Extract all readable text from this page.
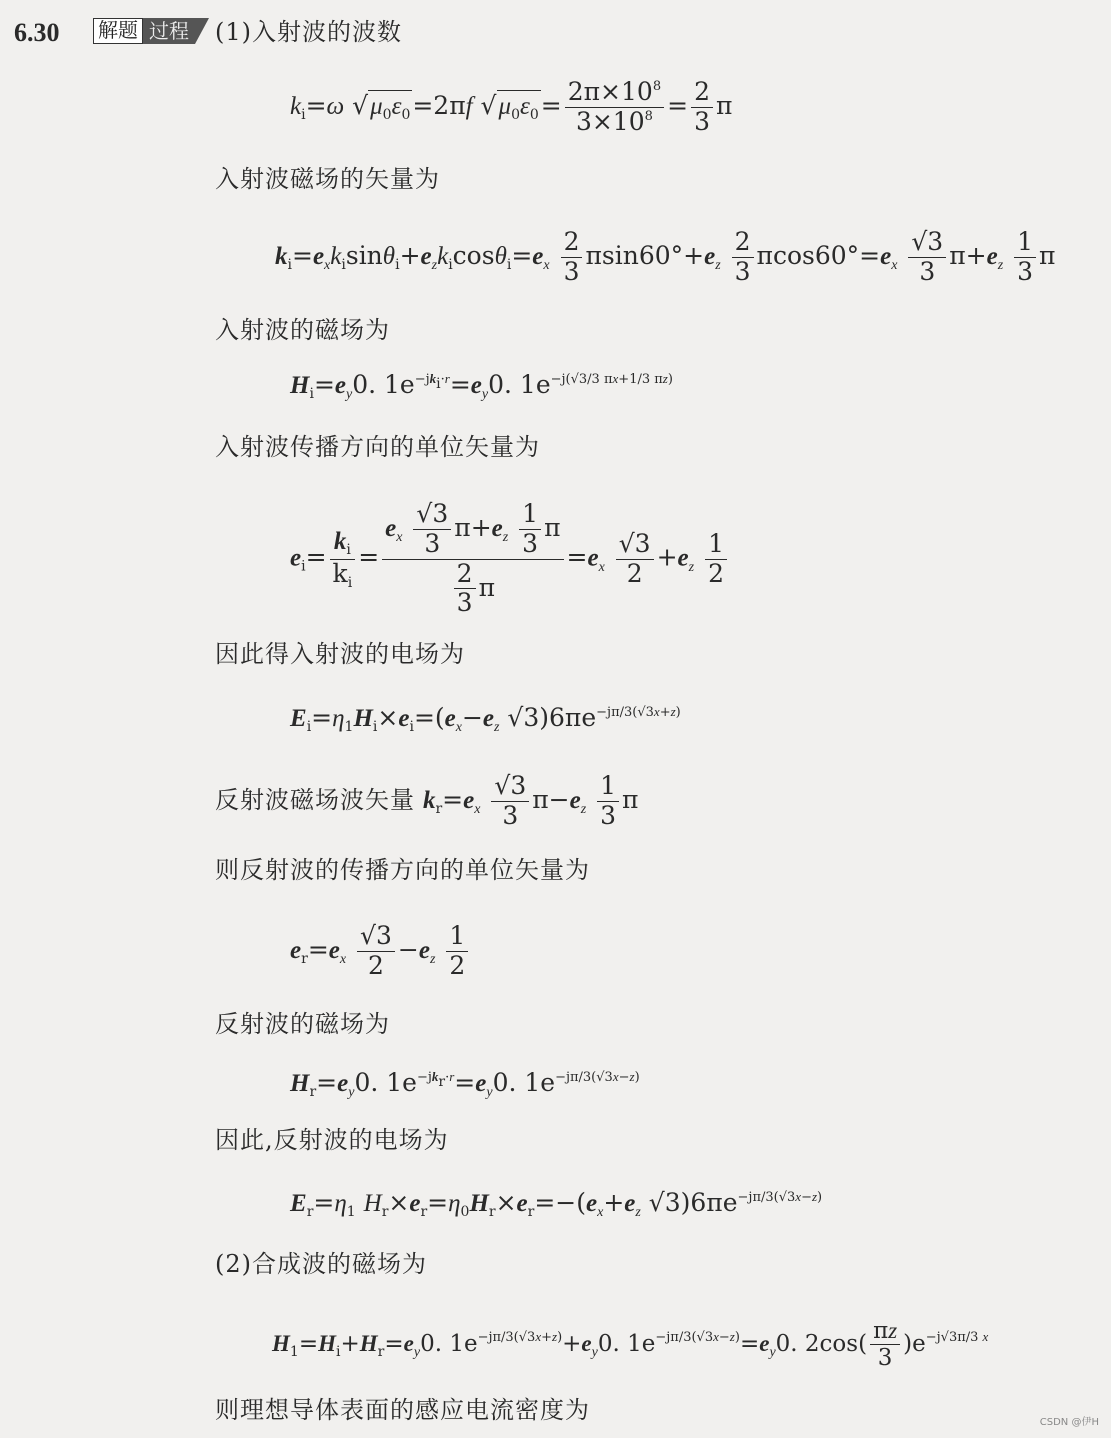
6.30 解题 过程 (1)入射波的波数
$k_i=\omega$ $√\mu_0\varepsilon_0=2\pi f$ $√\mu_0\varepsilon_0= \frac{2\pi\times 10^8}{3\times 10^8} = \frac{2}{3}$ π
入射波磁场的矢量为
$k_i=e_xk_i\sin\theta_i+e_zk_i\cos\theta_i=e_x \frac{2}{3} \pi\sin 60^\circ+e_z \frac{2}{3} \pi\cos 60^\circ=e_x \frac{√3}{3} \pi+e_z \frac{1}{3}$ π
入射波的磁场为
$H_i=e_y0$. $1e^{-jk_i\cdot r}=e_y0$. $1e^{-j(√3/3 \pi x+1/3 \pi z)}$
入射波传播方向的单位矢量为
$e_i= \frac{k_i}{k_i} = \frac{e_x \frac{√3}{3} \pi+e_z \frac{1}{3} \pi}{\frac{2}{3} \pi} =e_x \frac{√3}{2} +e_z \frac{1}{2}$
因此得入射波的电场为
$E_i=\eta_1H_i\times e_i=(e_x-e_z$ $√3)6\pi e^{-j\pi/3(√3x+z)}$
反射波磁场波矢量 $k_r=e_x \frac{√3}{3} \pi-e_z \frac{1}{3}$ π
则反射波的传播方向的单位矢量为
$e_r=e_x \frac{√3}{2} -e_z \frac{1}{2}$
反射波的磁场为
$H_r=e_y0$. $1e^{-jk_r\cdot r}=e_y0$. $1e^{-j\pi/3(√3x-z)}$
因此,反射波的电场为
$E_r=\eta_1$ $H_r\times e_r=\eta_0H_r\times e_r=-(e_x+e_z$ $√3)6\pi e^{-j\pi/3(√3x-z)}$
(2)合成波的磁场为
$H_1=H_i+H_r=e_y0$. $1e^{-j\pi/3(√3x+z)}+e_y0$. $1e^{-j\pi/3(√3x-z)}=e_y0$. $2\cos( \frac{\pi z}{3} )e^{-j√3\pi/3 x}$
则理想导体表面的感应电流密度为	CSDN @伊H
